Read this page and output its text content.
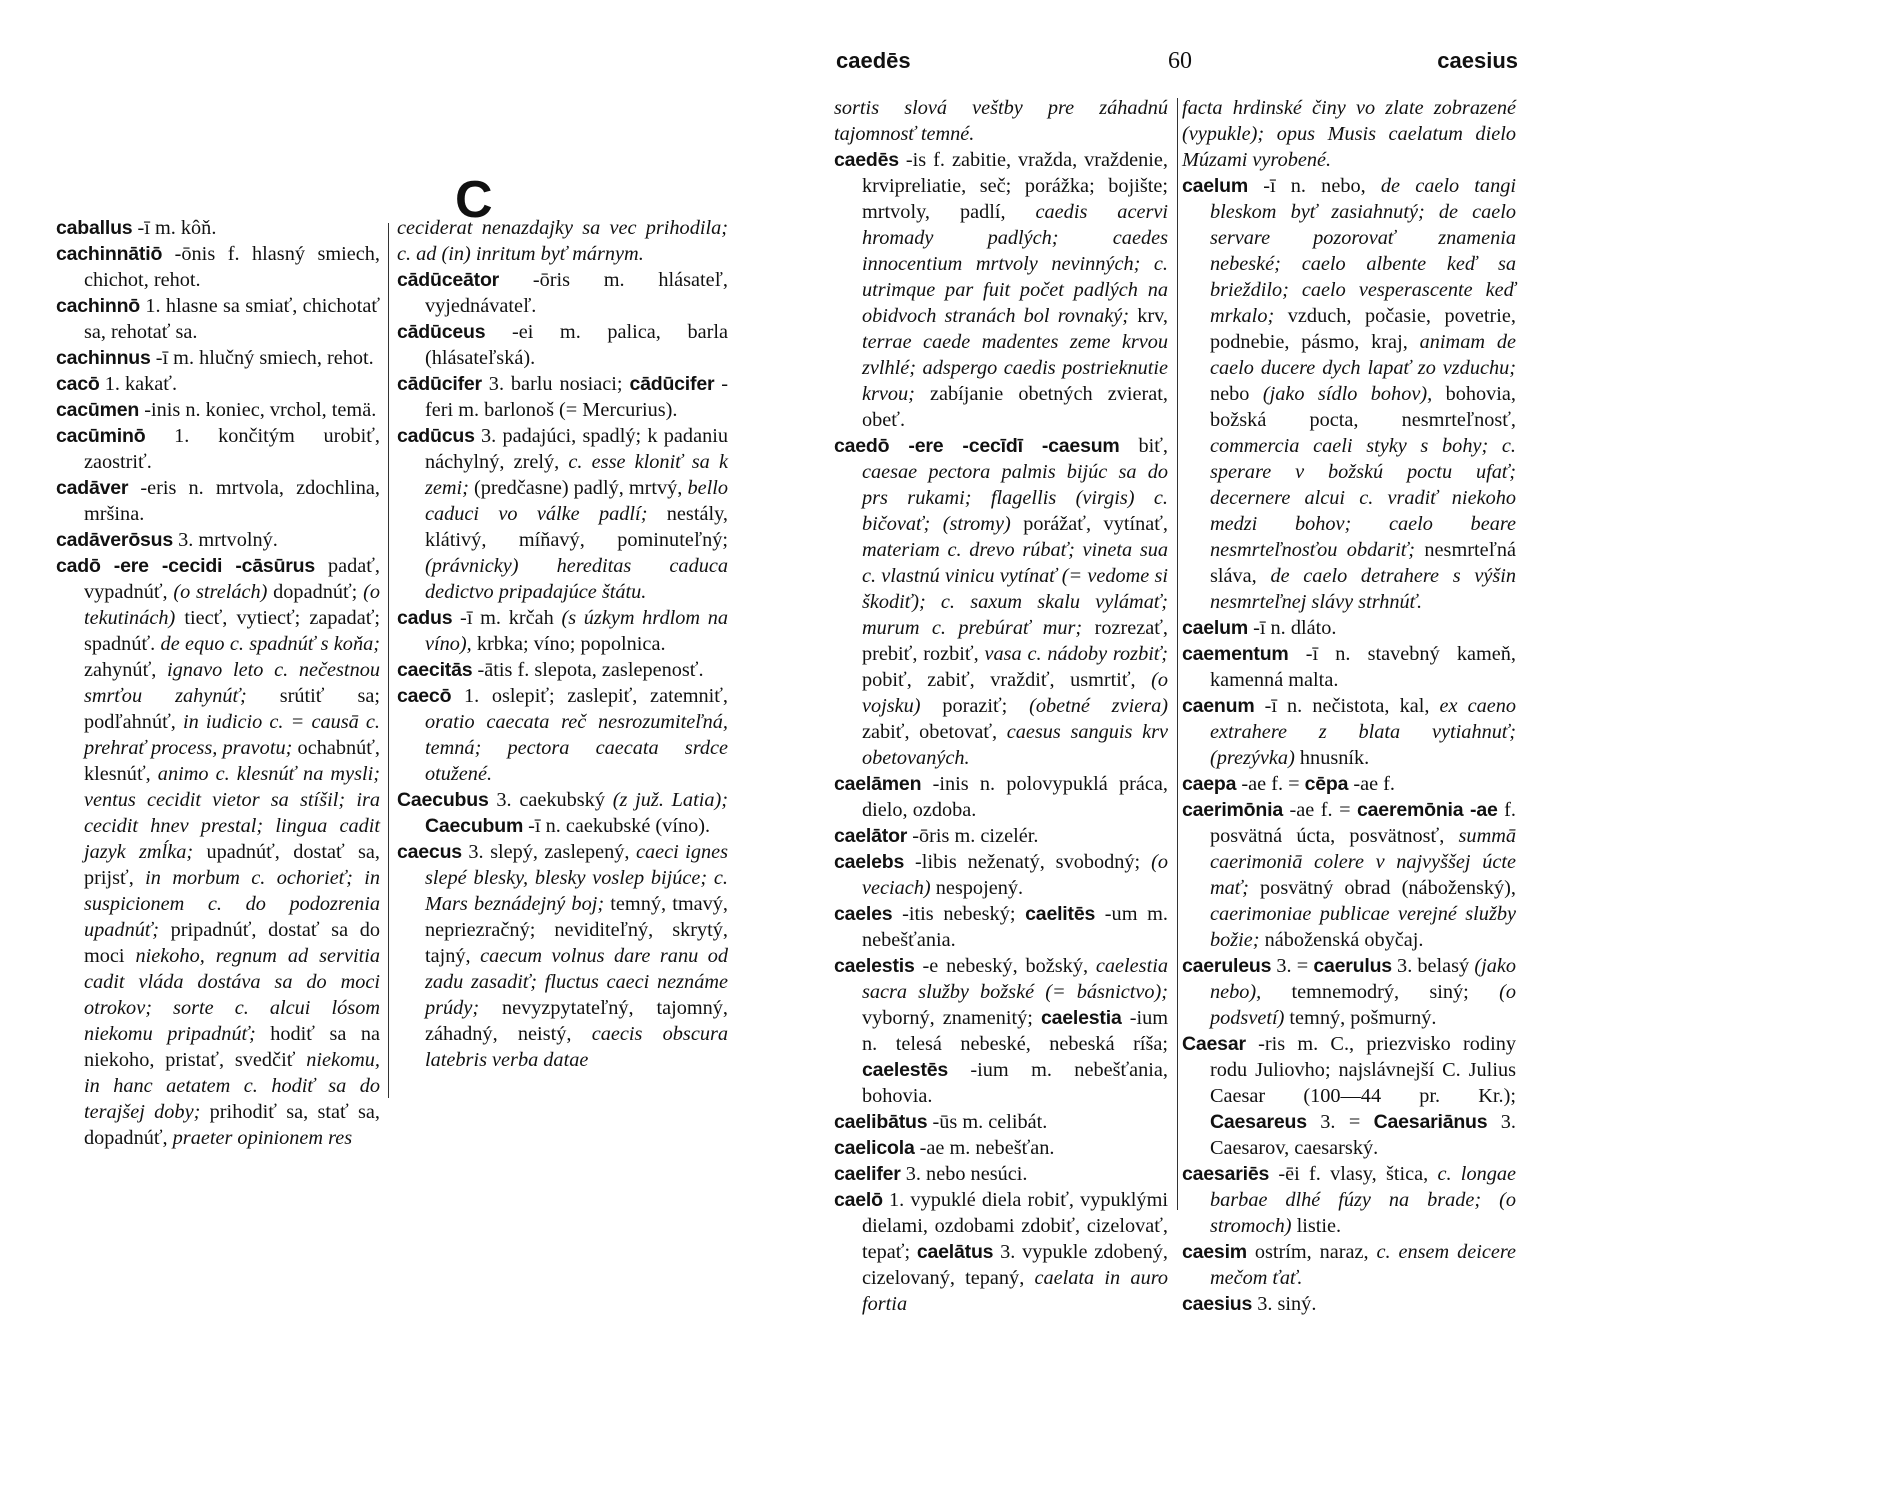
C

caballus -ī m. kôň.

cachinnātiō -ōnis f. hlasný smiech, chichot, rehot.

cachinnō 1. hlasne sa smiať, chichotať sa, rehotať sa.

cachinnus -ī m. hlučný smiech, rehot.

cacō 1. kakať.

cacūmen -inis n. koniec, vrchol, temä.

cacūminō 1. končitým urobiť, zaostriť.

cadāver -eris n. mrtvola, zdochlina, mršina.

cadāverōsus 3. mrtvolný.

cadō -ere -cecidi -cāsūrus padať, vypadnúť, (o strelách) dopadnúť; (o tekutinách) tiecť, vytiecť; zapadať; spadnúť. de equo c. spadnúť s koňa; zahynúť, ignavo leto c. nečestnou smrťou zahynúť; srútiť sa; podľahnúť, in iudicio c. = causā c. prehrať process, pravotu; ochabnúť, klesnúť, animo c. klesnúť na mysli; ventus cecidit vietor sa stíšil; ira cecidit hnev prestal; lingua cadit jazyk zmĺka; upadnúť, dostať sa, prijsť, in morbum c. ochorieť; in suspicionem c. do podozrenia upadnúť; pripadnúť, dostať sa do moci niekoho, regnum ad servitia cadit vláda dostáva sa do moci otrokov; sorte c. alcui lósom niekomu pripadnúť; hodiť sa na niekoho, pristať, svedčiť niekomu, in hanc aetatem c. hodiť sa do terajšej doby; prihodiť sa, stať sa, dopadnúť, praeter opinionem res

ceciderat nenazdajky sa vec prihodila; c. ad (in) inritum byť márnym.

cādūceātor -ōris m. hlásateľ, vyjednávateľ.

cādūceus -ei m. palica, barla (hlásateľská).

cādūcifer 3. barlu nosiaci; cādūcifer -feri m. barlonoš (= Mercurius).

cadūcus 3. padajúci, spadlý; k padaniu náchylný, zrelý, c. esse kloniť sa k zemi; (predčasne) padlý, mrtvý, bello caduci vo válke padlí; nestály, klátivý, míňavý, pominuteľný; (právnicky) hereditas caduca dedictvo pripadajúce štátu.

cadus -ī m. krčah (s úzkym hrdlom na víno), krbka; víno; popolnica.

caecitās -ātis f. slepota, zaslepenosť.

caecō 1. oslepiť; zaslepiť, zatemniť, oratio caecata reč nesrozumiteľná, temná; pectora caecata srdce otužené.

Caecubus 3. caekubský (z juž. Latia); Caecubum -ī n. caekubské (víno).

caecus 3. slepý, zaslepený, caeci ignes slepé blesky, blesky voslep bijúce; c. Mars beznádejný boj; temný, tmavý, nepriezračný; neviditeľný, skrytý, tajný, caecum volnus dare ranu od zadu zasadiť; fluctus caeci neznáme prúdy; nevyzpytateľný, tajomný, záhadný, neistý, caecis obscura latebris verba datae

caedēs	60	caesius

sortis slová veštby pre záhadnú tajomnosť temné.

caedēs -is f. zabitie, vražda, vraždenie, krvipreliatie, seč; porážka; bojište; mrtvoly, padlí, caedis acervi hromady padlých; caedes innocentium mrtvoly nevinných; c. utrimque par fuit počet padlých na obidvoch stranách bol rovnaký; krv, terrae caede madentes zeme krvou zvlhlé; adspergo caedis postrieknutie krvou; zabíjanie obetných zvierat, obeť.

caedō -ere -cecīdī -caesum biť, caesae pectora palmis bijúc sa do prs rukami; flagellis (virgis) c. bičovať; (stromy) porážať, vytínať, materiam c. drevo rúbať; vineta sua c. vlastnú vinicu vytínať (= vedome si škodiť); c. saxum skalu vylámať; murum c. prebúrať mur; rozrezať, prebiť, rozbiť, vasa c. nádoby rozbiť; pobiť, zabiť, vraždiť, usmrtiť, (o vojsku) poraziť; (obetné zviera) zabiť, obetovať, caesus sanguis krv obetovaných.

caelāmen -inis n. polovypuklá práca, dielo, ozdoba.

caelātor -ōris m. cizelér.

caelebs -libis neženatý, svobodný; (o veciach) nespojený.

caeles -itis nebeský; caelitēs -um m. nebešťania.

caelestis -e nebeský, božský, caelestia sacra služby božské (= básnictvo); vyborný, znamenitý; caelestia -ium n. telesá nebeské, nebeská ríša; caelestēs -ium m. nebešťania, bohovia.

caelibātus -ūs m. celibát.

caelicola -ae m. nebešťan.

caelifer 3. nebo nesúci.

caelō 1. vypuklé diela robiť, vypuklými dielami, ozdobami zdobiť, cizelovať, tepať; caelātus 3. vypukle zdobený, cizelovaný, tepaný, caelata in auro fortia

facta hrdinské činy vo zlate zobrazené (vypukle); opus Musis caelatum dielo Múzami vyrobené.

caelum -ī n. nebo, de caelo tangi bleskom byť zasiahnutý; de caelo servare pozorovať znamenia nebeské; caelo albente keď sa brieždilo; caelo vesperascente keď mrkalo; vzduch, počasie, povetrie, podnebie, pásmo, kraj, animam de caelo ducere dych lapať zo vzduchu; nebo (jako sídlo bohov), bohovia, božská pocta, nesmrteľnosť, commercia caeli styky s bohy; c. sperare v božskú poctu ufať; decernere alcui c. vradiť niekoho medzi bohov; caelo beare nesmrteľnosťou obdariť; nesmrteľná sláva, de caelo detrahere s výšin nesmrteľnej slávy strhnúť.

caelum -ī n. dláto.

caementum -ī n. stavebný kameň, kamenná malta.

caenum -ī n. nečistota, kal, ex caeno extrahere z blata vytiahnuť; (prezývka) hnusník.

caepa -ae f. = cēpa -ae f.

caerimōnia -ae f. = caeremōnia -ae f. posvätná úcta, posvätnosť, summā caerimoniā colere v najvyššej úcte mať; posvätný obrad (náboženský), caerimoniae publicae verejné služby božie; náboženská obyčaj.

caeruleus 3. = caerulus 3. belasý (jako nebo), temnemodrý, siný; (o podsvetí) temný, pošmurný.

Caesar -ris m. C., priezvisko rodiny rodu Juliovho; najslávnejší C. Julius Caesar (100—44 pr. Kr.); Caesareus 3. = Caesariānus 3. Caesarov, caesarský.

caesariēs -ēi f. vlasy, štica, c. longae barbae dlhé fúzy na brade; (o stromoch) listie.

caesim ostrím, naraz, c. ensem deicere mečom ťať.

caesius 3. siný.
